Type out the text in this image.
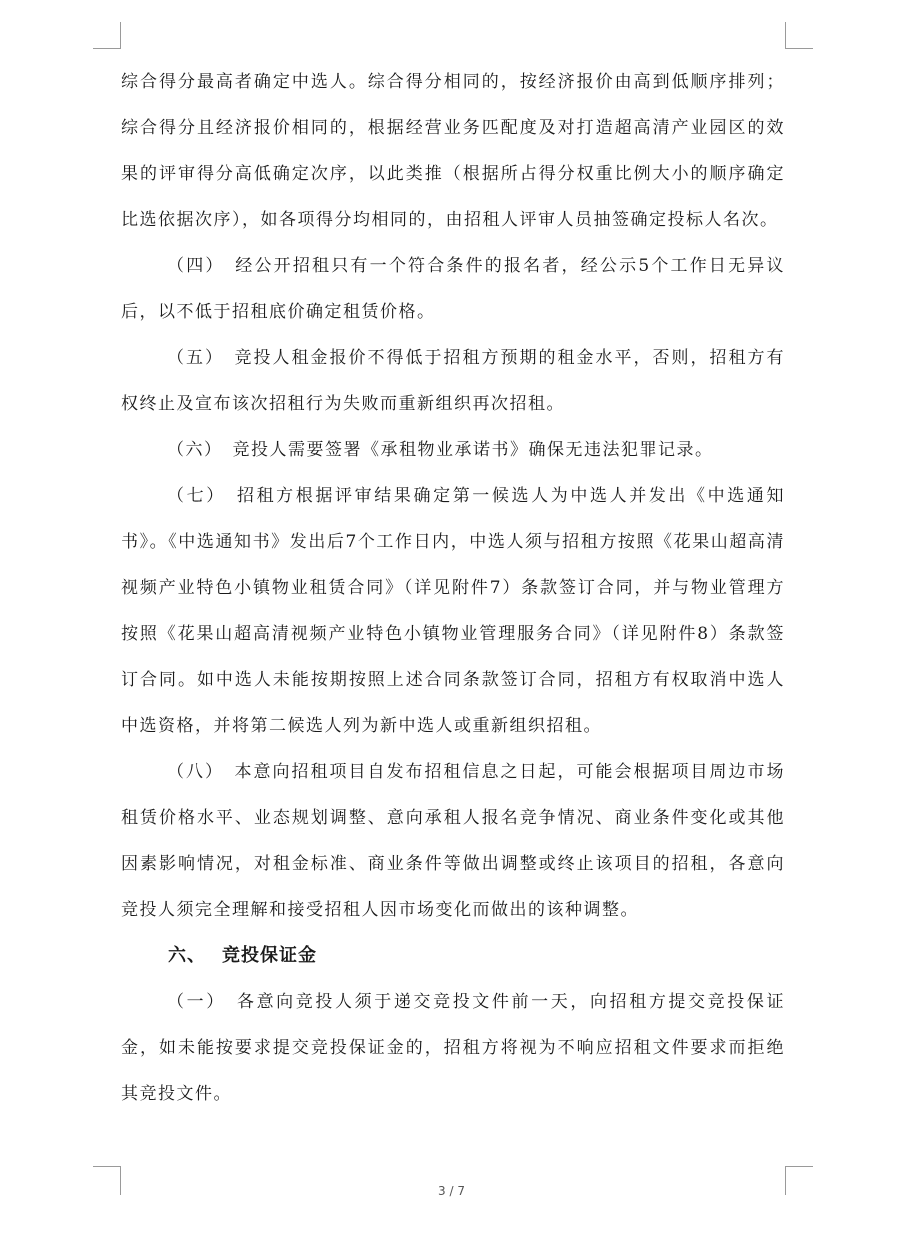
综合得分最高者确定中选人。综合得分相同的，按经济报价由高到低顺序排列；综合得分且经济报价相同的，根据经营业务匹配度及对打造超高清产业园区的效果的评审得分高低确定次序，以此类推（根据所占得分权重比例大小的顺序确定比选依据次序），如各项得分均相同的，由招租人评审人员抽签确定投标人名次。

（四）　经公开招租只有一个符合条件的报名者，经公示5个工作日无异议后，以不低于招租底价确定租赁价格。

（五）　竞投人租金报价不得低于招租方预期的租金水平，否则，招租方有权终止及宣布该次招租行为失败而重新组织再次招租。

（六）　竞投人需要签署《承租物业承诺书》确保无违法犯罪记录。

（七）　招租方根据评审结果确定第一候选人为中选人并发出《中选通知书》。《中选通知书》发出后7个工作日内，中选人须与招租方按照《花果山超高清视频产业特色小镇物业租赁合同》（详见附件7）条款签订合同，并与物业管理方按照《花果山超高清视频产业特色小镇物业管理服务合同》（详见附件8）条款签订合同。如中选人未能按期按照上述合同条款签订合同，招租方有权取消中选人中选资格，并将第二候选人列为新中选人或重新组织招租。

（八）　本意向招租项目自发布招租信息之日起，可能会根据项目周边市场租赁价格水平、业态规划调整、意向承租人报名竞争情况、商业条件变化或其他因素影响情况，对租金标准、商业条件等做出调整或终止该项目的招租，各意向竞投人须完全理解和接受招租人因市场变化而做出的该种调整。

六、 竞投保证金

（一）　各意向竞投人须于递交竞投文件前一天，向招租方提交竞投保证金，如未能按要求提交竞投保证金的，招租方将视为不响应招租文件要求而拒绝其竞投文件。

3 / 7
